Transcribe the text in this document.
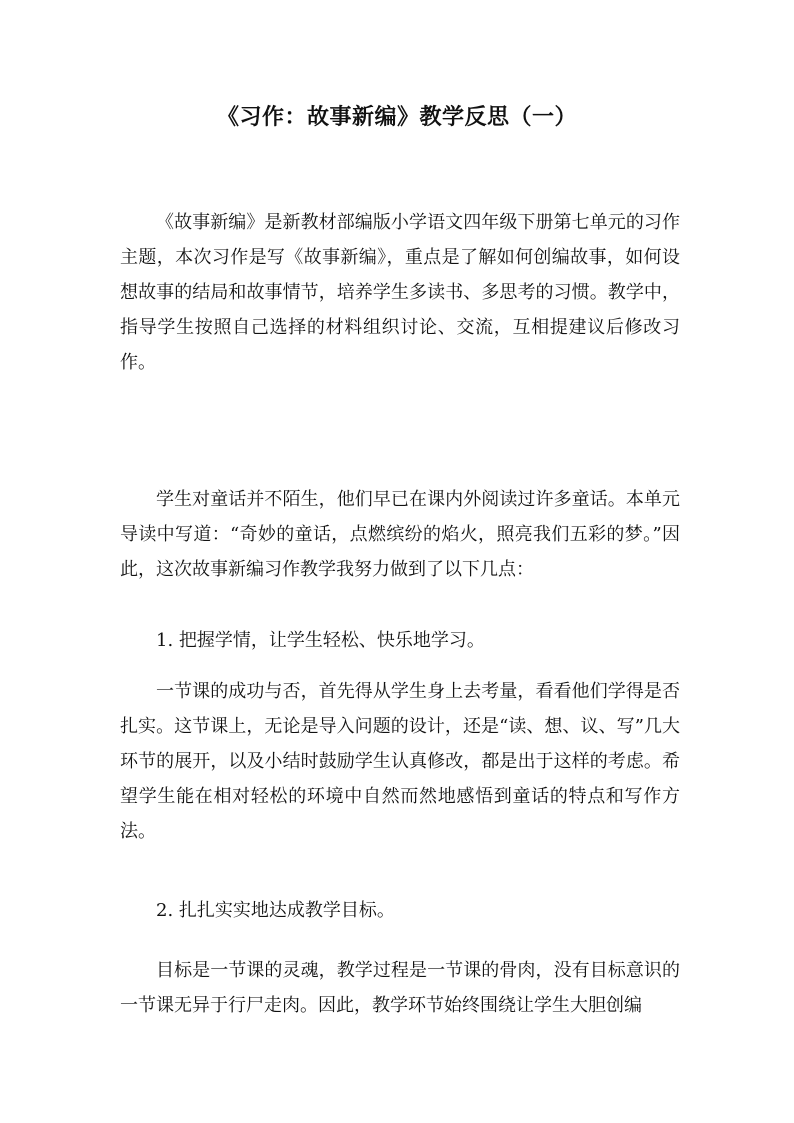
《习作：故事新编》教学反思（一）

《故事新编》是新教材部编版小学语文四年级下册第七单元的习作主题，本次习作是写《故事新编》，重点是了解如何创编故事，如何设想故事的结局和故事情节，培养学生多读书、多思考的习惯。教学中，指导学生按照自己选择的材料组织讨论、交流，互相提建议后修改习作。

学生对童话并不陌生，他们早已在课内外阅读过许多童话。本单元导读中写道：“奇妙的童话，点燃缤纷的焰火，照亮我们五彩的梦。”因此，这次故事新编习作教学我努力做到了以下几点：

1. 把握学情，让学生轻松、快乐地学习。

一节课的成功与否，首先得从学生身上去考量，看看他们学得是否扎实。这节课上，无论是导入问题的设计，还是“读、想、议、写”几大环节的展开，以及小结时鼓励学生认真修改，都是出于这样的考虑。希望学生能在相对轻松的环境中自然而然地感悟到童话的特点和写作方法。

2. 扎扎实实地达成教学目标。

目标是一节课的灵魂，教学过程是一节课的骨肉，没有目标意识的一节课无异于行尸走肉。因此，教学环节始终围绕让学生大胆创编
